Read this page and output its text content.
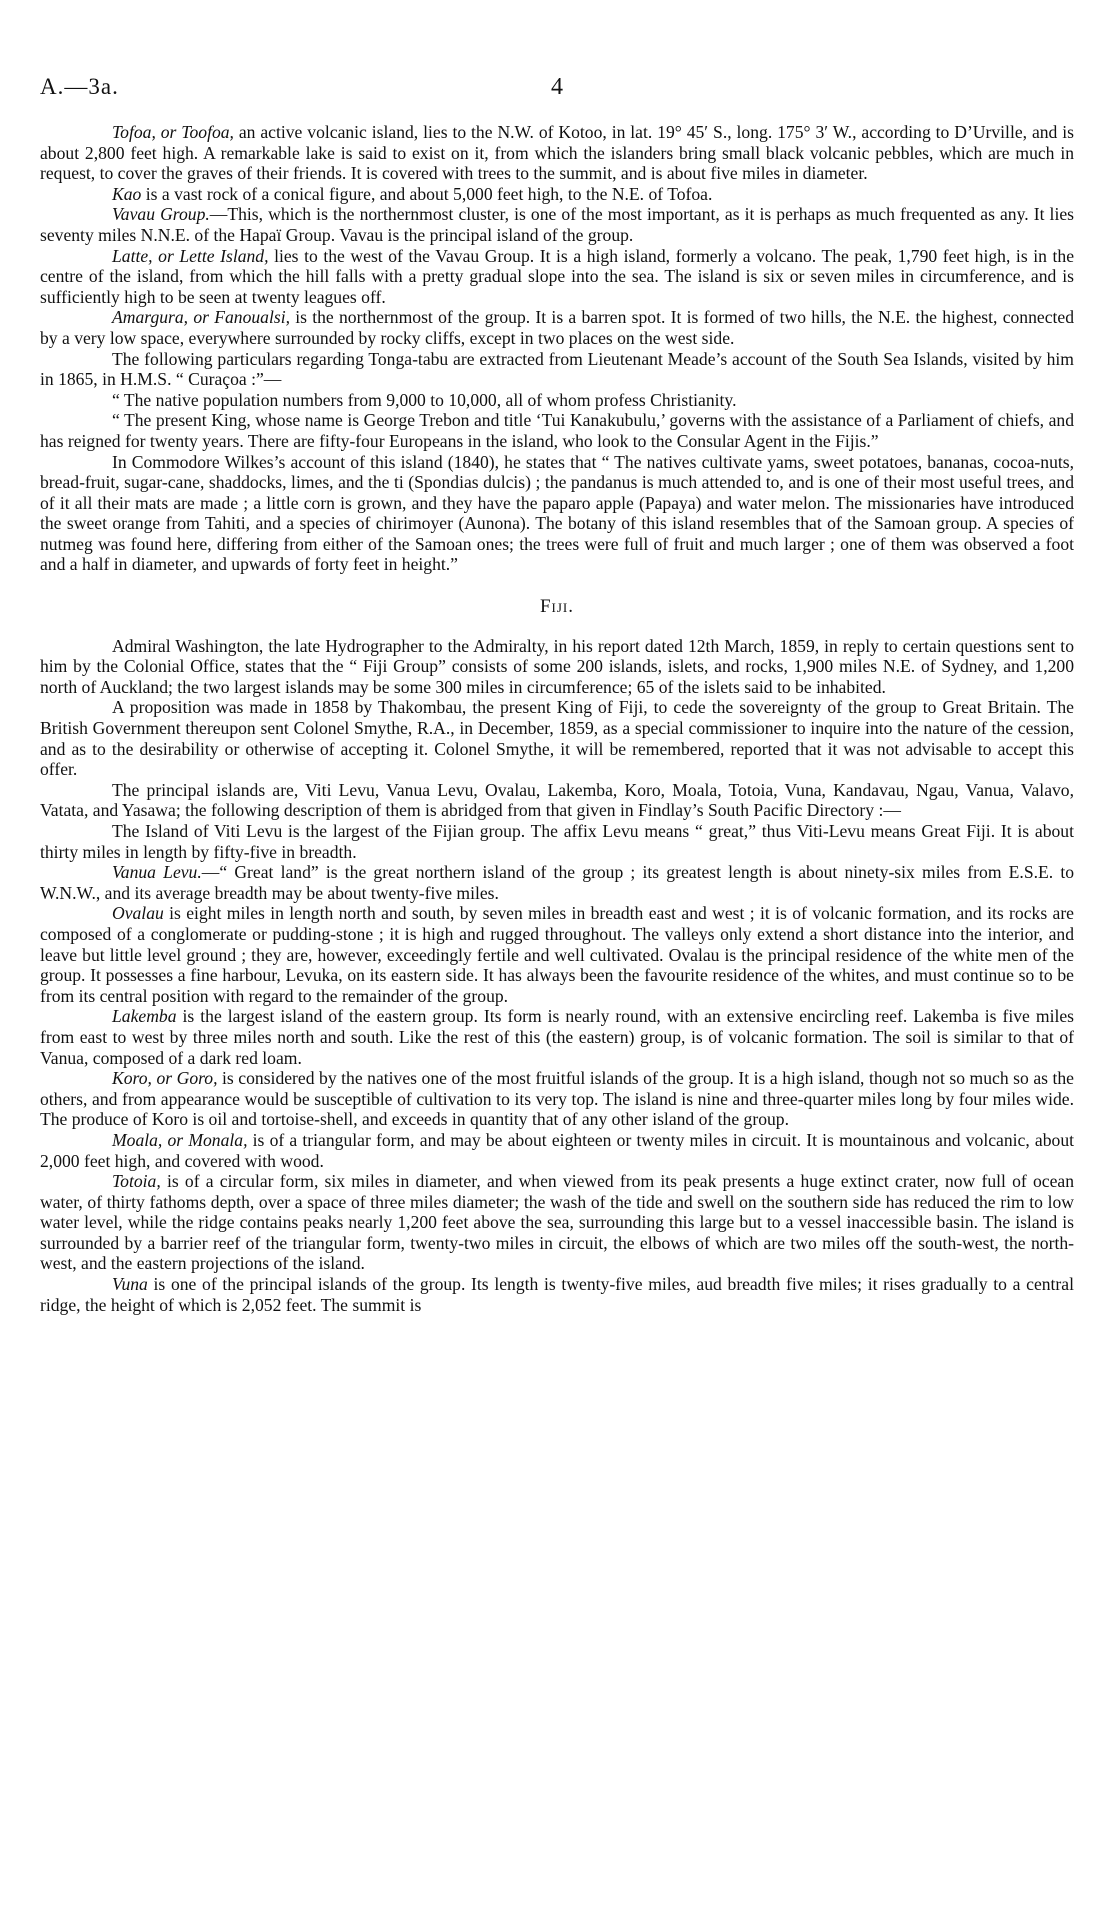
A.—3a.	4

Tofoa, or Toofoa, an active volcanic island, lies to the N.W. of Kotoo, in lat. 19° 45′ S., long. 175° 3′ W., according to D’Urville, and is about 2,800 feet high. A remarkable lake is said to exist on it, from which the islanders bring small black volcanic pebbles, which are much in request, to cover the graves of their friends. It is covered with trees to the summit, and is about five miles in diameter.

Kao is a vast rock of a conical figure, and about 5,000 feet high, to the N.E. of Tofoa.

Vavau Group.—This, which is the northernmost cluster, is one of the most important, as it is perhaps as much frequented as any. It lies seventy miles N.N.E. of the Hapaï Group. Vavau is the principal island of the group.

Latte, or Lette Island, lies to the west of the Vavau Group. It is a high island, formerly a volcano. The peak, 1,790 feet high, is in the centre of the island, from which the hill falls with a pretty gradual slope into the sea. The island is six or seven miles in circumference, and is sufficiently high to be seen at twenty leagues off.

Amargura, or Fanoualsi, is the northernmost of the group. It is a barren spot. It is formed of two hills, the N.E. the highest, connected by a very low space, everywhere surrounded by rocky cliffs, except in two places on the west side.

The following particulars regarding Tonga-tabu are extracted from Lieutenant Meade’s account of the South Sea Islands, visited by him in 1865, in H.M.S. “ Curaçoa :”—

“ The native population numbers from 9,000 to 10,000, all of whom profess Christianity.

“ The present King, whose name is George Trebon and title ‘Tui Kanakubulu,’ governs with the assistance of a Parliament of chiefs, and has reigned for twenty years. There are fifty-four Europeans in the island, who look to the Consular Agent in the Fijis.”

In Commodore Wilkes’s account of this island (1840), he states that “ The natives cultivate yams, sweet potatoes, bananas, cocoa-nuts, bread-fruit, sugar-cane, shaddocks, limes, and the ti (Spondias dulcis) ; the pandanus is much attended to, and is one of their most useful trees, and of it all their mats are made ; a little corn is grown, and they have the paparo apple (Papaya) and water melon. The missionaries have introduced the sweet orange from Tahiti, and a species of chirimoyer (Aunona). The botany of this island resembles that of the Samoan group. A species of nutmeg was found here, differing from either of the Samoan ones; the trees were full of fruit and much larger ; one of them was observed a foot and a half in diameter, and upwards of forty feet in height.”

Fiji.

Admiral Washington, the late Hydrographer to the Admiralty, in his report dated 12th March, 1859, in reply to certain questions sent to him by the Colonial Office, states that the “ Fiji Group” consists of some 200 islands, islets, and rocks, 1,900 miles N.E. of Sydney, and 1,200 north of Auckland; the two largest islands may be some 300 miles in circumference; 65 of the islets said to be inhabited.

A proposition was made in 1858 by Thakombau, the present King of Fiji, to cede the sovereignty of the group to Great Britain. The British Government thereupon sent Colonel Smythe, R.A., in December, 1859, as a special commissioner to inquire into the nature of the cession, and as to the desirability or otherwise of accepting it. Colonel Smythe, it will be remembered, reported that it was not advisable to accept this offer.

The principal islands are, Viti Levu, Vanua Levu, Ovalau, Lakemba, Koro, Moala, Totoia, Vuna, Kandavau, Ngau, Vanua, Valavo, Vatata, and Yasawa; the following description of them is abridged from that given in Findlay’s South Pacific Directory :—

The Island of Viti Levu is the largest of the Fijian group. The affix Levu means “ great,” thus Viti-Levu means Great Fiji. It is about thirty miles in length by fifty-five in breadth.

Vanua Levu.—“ Great land” is the great northern island of the group ; its greatest length is about ninety-six miles from E.S.E. to W.N.W., and its average breadth may be about twenty-five miles.

Ovalau is eight miles in length north and south, by seven miles in breadth east and west ; it is of volcanic formation, and its rocks are composed of a conglomerate or pudding-stone ; it is high and rugged throughout. The valleys only extend a short distance into the interior, and leave but little level ground ; they are, however, exceedingly fertile and well cultivated. Ovalau is the principal residence of the white men of the group. It possesses a fine harbour, Levuka, on its eastern side. It has always been the favourite residence of the whites, and must continue so to be from its central position with regard to the remainder of the group.

Lakemba is the largest island of the eastern group. Its form is nearly round, with an extensive encircling reef. Lakemba is five miles from east to west by three miles north and south. Like the rest of this (the eastern) group, is of volcanic formation. The soil is similar to that of Vanua, composed of a dark red loam.

Koro, or Goro, is considered by the natives one of the most fruitful islands of the group. It is a high island, though not so much so as the others, and from appearance would be susceptible of cultivation to its very top. The island is nine and three-quarter miles long by four miles wide. The produce of Koro is oil and tortoise-shell, and exceeds in quantity that of any other island of the group.

Moala, or Monala, is of a triangular form, and may be about eighteen or twenty miles in circuit. It is mountainous and volcanic, about 2,000 feet high, and covered with wood.

Totoia, is of a circular form, six miles in diameter, and when viewed from its peak presents a huge extinct crater, now full of ocean water, of thirty fathoms depth, over a space of three miles diameter; the wash of the tide and swell on the southern side has reduced the rim to low water level, while the ridge contains peaks nearly 1,200 feet above the sea, surrounding this large but to a vessel inaccessible basin. The island is surrounded by a barrier reef of the triangular form, twenty-two miles in circuit, the elbows of which are two miles off the south-west, the north-west, and the eastern projections of the island.

Vuna is one of the principal islands of the group. Its length is twenty-five miles, aud breadth five miles; it rises gradually to a central ridge, the height of which is 2,052 feet. The summit is
